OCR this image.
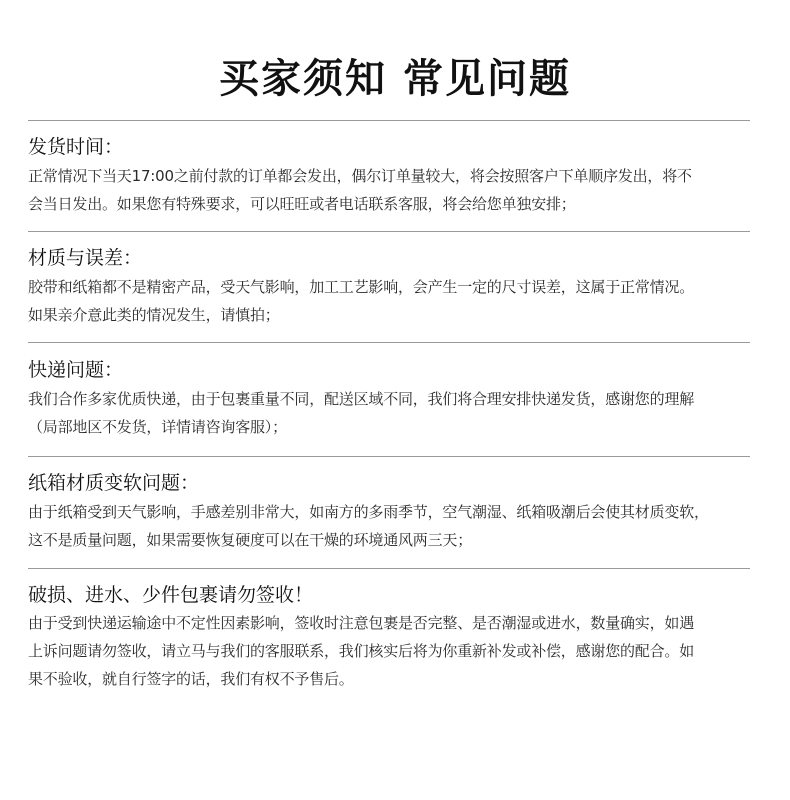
买家须知 常见问题
发货时间：
正常情况下当天17:00之前付款的订单都会发出，偶尔订单量较大，将会按照客户下单顺序发出，将不
会当日发出。如果您有特殊要求，可以旺旺或者电话联系客服，将会给您单独安排；
材质与误差：
胶带和纸箱都不是精密产品，受天气影响，加工工艺影响，会产生一定的尺寸误差，这属于正常情况。
如果亲介意此类的情况发生，请慎拍；
快递问题：
我们合作多家优质快递，由于包裹重量不同，配送区域不同，我们将合理安排快递发货，感谢您的理解
（局部地区不发货，详情请咨询客服）；
纸箱材质变软问题：
由于纸箱受到天气影响，手感差别非常大，如南方的多雨季节，空气潮湿、纸箱吸潮后会使其材质变软，
这不是质量问题，如果需要恢复硬度可以在干燥的环境通风两三天；
破损、进水、少件包裹请勿签收！
由于受到快递运输途中不定性因素影响，签收时注意包裹是否完整、是否潮湿或进水，数量确实，如遇
上诉问题请勿签收，请立马与我们的客服联系，我们核实后将为你重新补发或补偿，感谢您的配合。如
果不验收，就自行签字的话，我们有权不予售后。
